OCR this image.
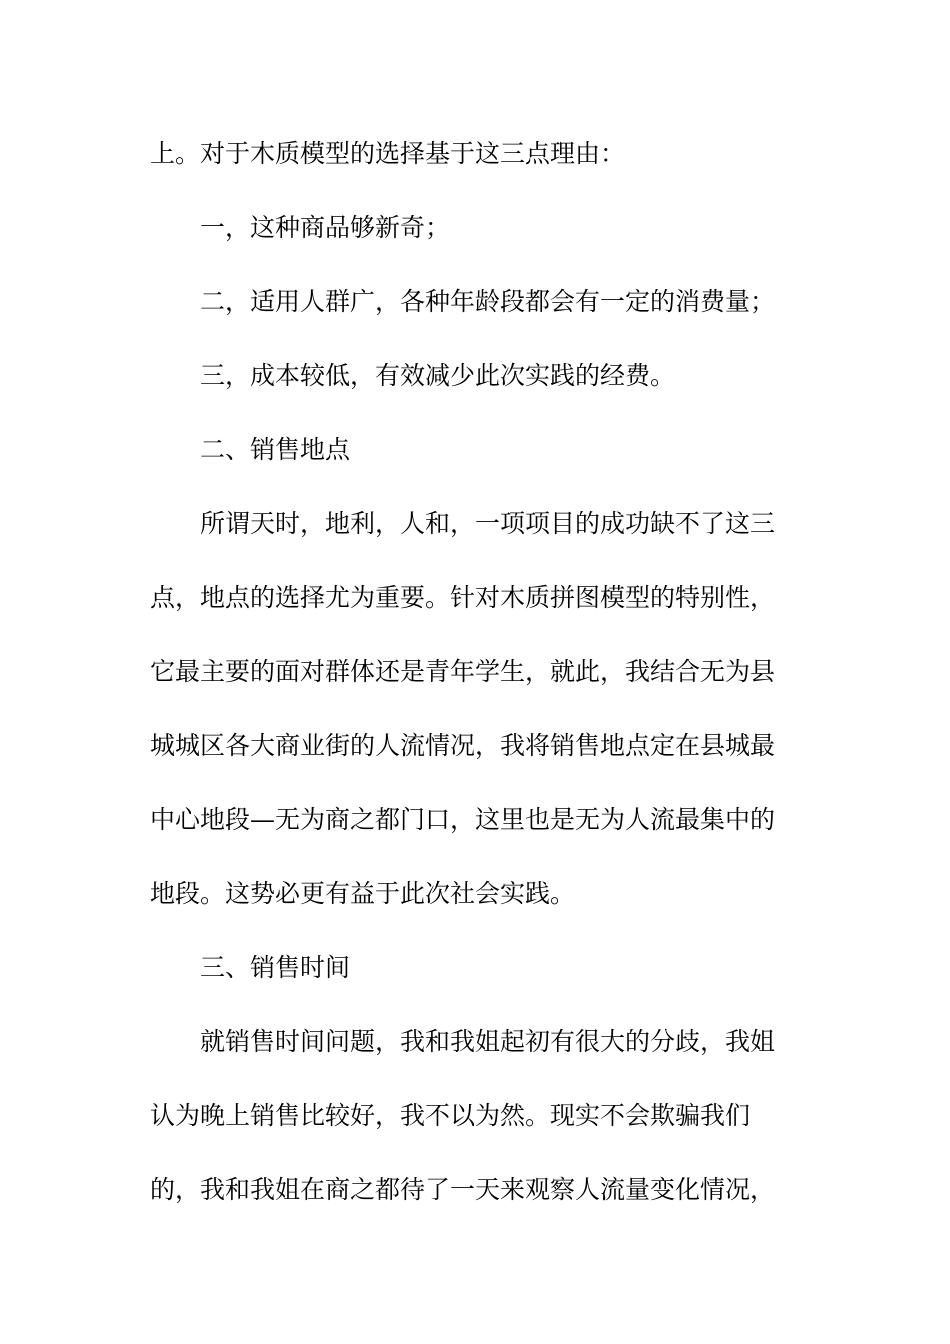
上。对于木质模型的选择基于这三点理由：
一，这种商品够新奇；
二，适用人群广，各种年龄段都会有一定的消费量；
三，成本较低，有效减少此次实践的经费。
二、销售地点
所谓天时，地利，人和，一项项目的成功缺不了这三
点，地点的选择尤为重要。针对木质拼图模型的特别性，
它最主要的面对群体还是青年学生，就此，我结合无为县
城城区各大商业街的人流情况，我将销售地点定在县城最
中心地段—无为商之都门口，这里也是无为人流最集中的
地段。这势必更有益于此次社会实践。
三、销售时间
就销售时间问题，我和我姐起初有很大的分歧，我姐
认为晚上销售比较好，我不以为然。现实不会欺骗我们
的，我和我姐在商之都待了一天来观察人流量变化情况，
